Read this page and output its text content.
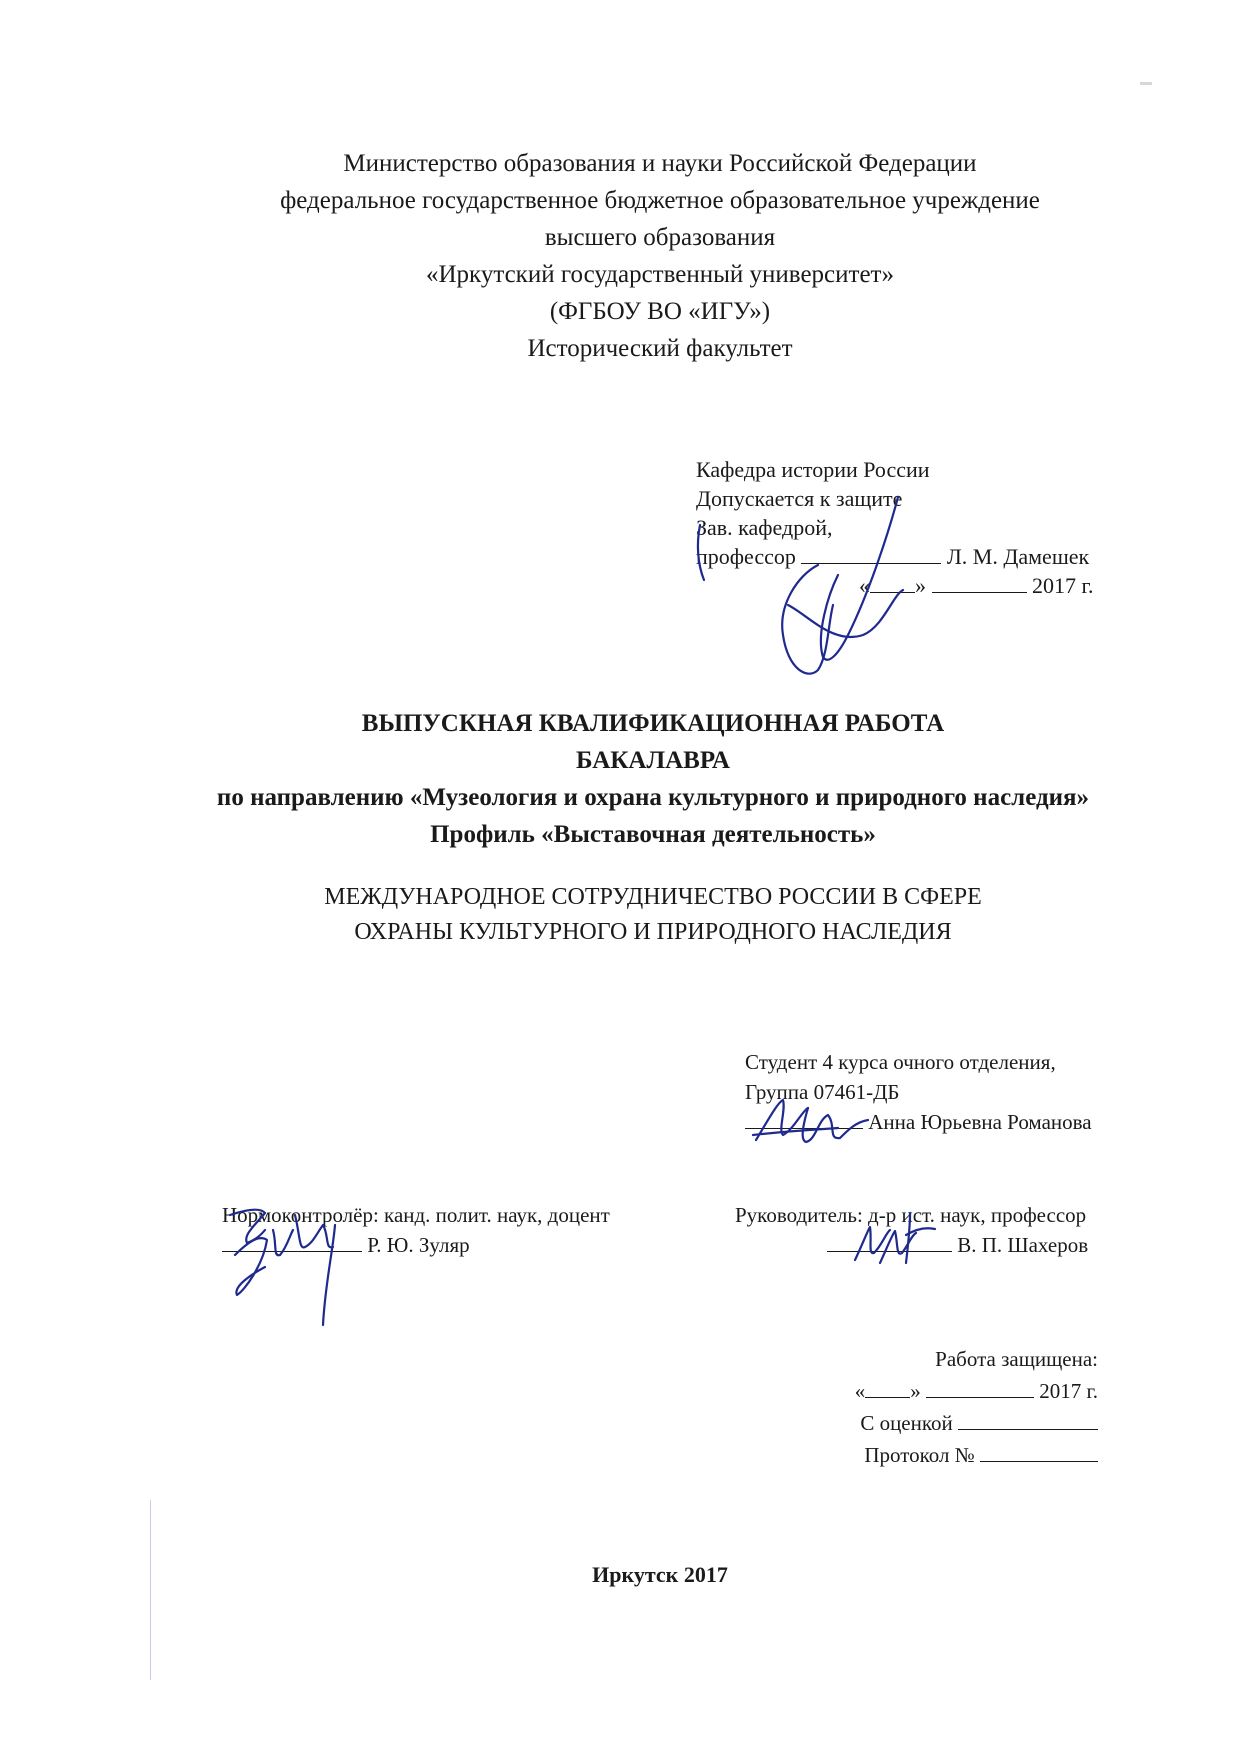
Министерство образования и науки Российской Федерации
федеральное государственное бюджетное образовательное учреждение
высшего образования
«Иркутский государственный университет»
(ФГБОУ ВО «ИГУ»)
Исторический факультет
Кафедра истории России
Допускается к защите
Зав. кафедрой,
профессор	Л. М. Дамешек
« »	2017 г.
ВЫПУСКНАЯ КВАЛИФИКАЦИОННАЯ РАБОТА
БАКАЛАВРА
по направлению «Музеология и охрана культурного и природного наследия»
Профиль «Выставочная деятельность»
МЕЖДУНАРОДНОЕ СОТРУДНИЧЕСТВО РОССИИ В СФЕРЕ
ОХРАНЫ КУЛЬТУРНОГО И ПРИРОДНОГО НАСЛЕДИЯ
Студент 4 курса очного отделения,
Группа 07461-ДБ
Анна Юрьевна Романова
Нормоконтролёр: канд. полит. наук, доцент
Р. Ю. Зуляр
Руководитель: д-р ист. наук, профессор
В. П. Шахеров
Работа защищена:
« »	2017 г.
С оценкой
Протокол №
Иркутск 2017
